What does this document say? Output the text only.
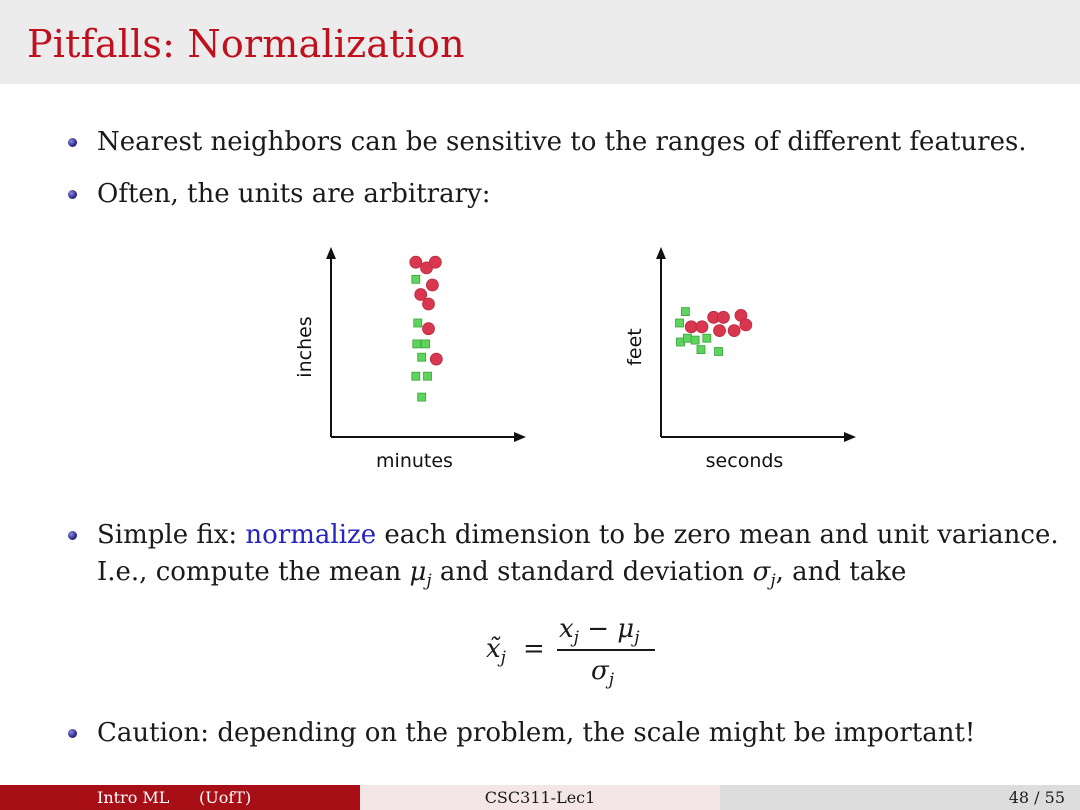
Pitfalls: Normalization
Nearest neighbors can be sensitive to the ranges of different features.
Often, the units are arbitrary:
minutes
inches
seconds
feet
Simple fix: normalize each dimension to be zero mean and unit variance.
I.e., compute the mean $\mu_j$ and standard deviation $\sigma_j$, and take
$x̃_j$ =
$x_j - \mu_j$
$\sigma_j$
Caution: depending on the problem, the scale might be important!
Intro ML (UofT)	CSC311-Lec1	48 / 55
